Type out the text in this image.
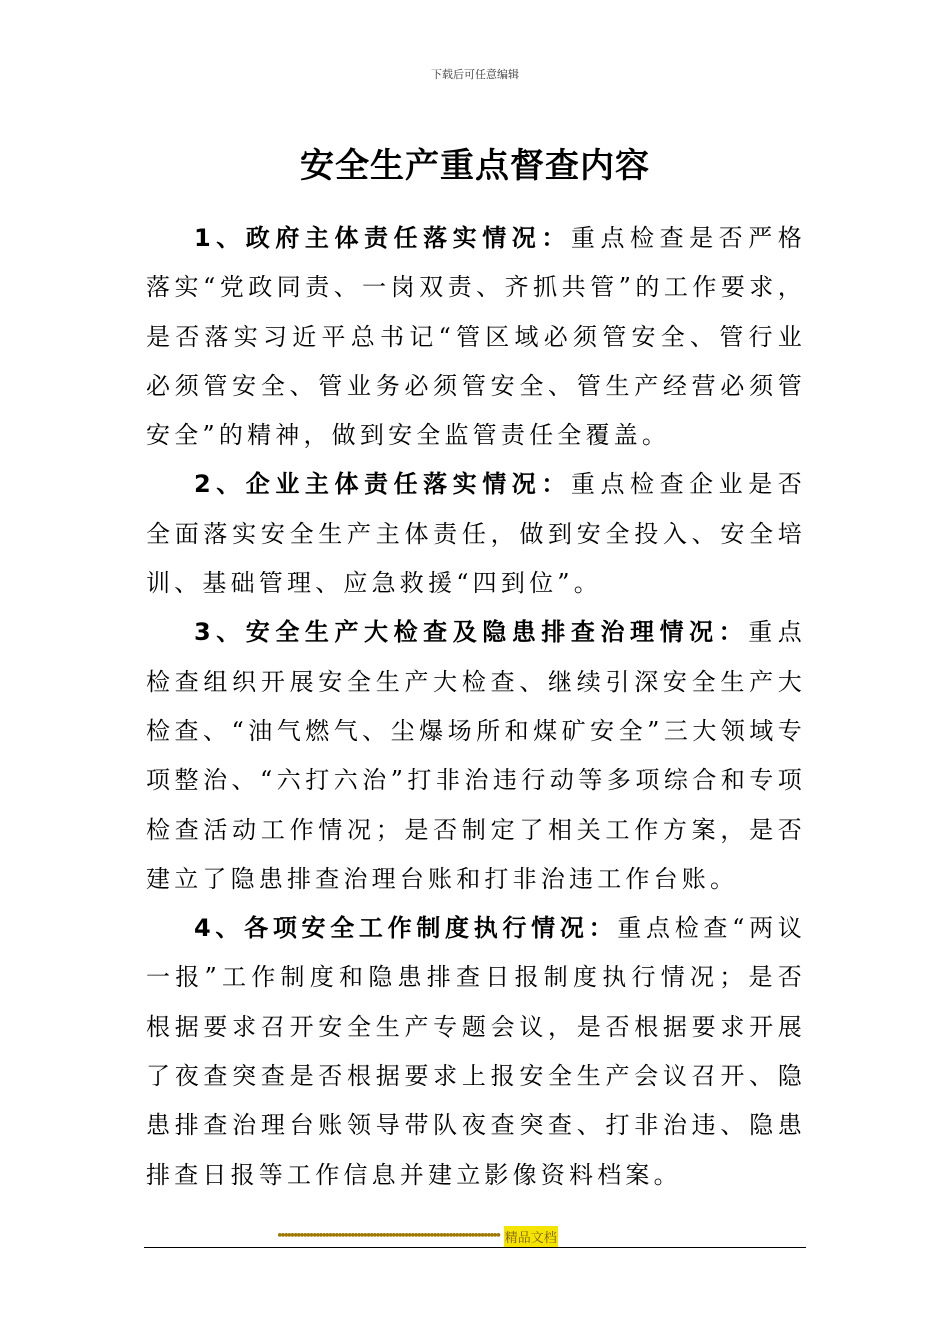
下载后可任意编辑
安全生产重点督查内容

1、政府主体责任落实情况：重点检查是否严格落实“党政同责、一岗双责、齐抓共管”的工作要求，是否落实习近平总书记“管区域必须管安全、管行业必须管安全、管业务必须管安全、管生产经营必须管安全”的精神，做到安全监管责任全覆盖。

2、企业主体责任落实情况：重点检查企业是否全面落实安全生产主体责任，做到安全投入、安全培训、基础管理、应急救援“四到位”。

3、安全生产大检查及隐患排查治理情况：重点检查组织开展安全生产大检查、继续引深安全生产大检查、“油气燃气、尘爆场所和煤矿安全”三大领域专项整治、“六打六治”打非治违行动等多项综合和专项检查活动工作情况；是否制定了相关工作方案，是否建立了隐患排查治理台账和打非治违工作台账。

4、各项安全工作制度执行情况：重点检查“两议一报”工作制度和隐患排查日报制度执行情况；是否根据要求召开安全生产专题会议，是否根据要求开展了夜查突查是否根据要求上报安全生产会议召开、隐患排查治理台账领导带队夜查突查、打非治违、隐患排查日报等工作信息并建立影像资料档案。

•••••••••••••••••••••••••••••••••••••••••••••••••••••••••••••••••••••• 精品文档
